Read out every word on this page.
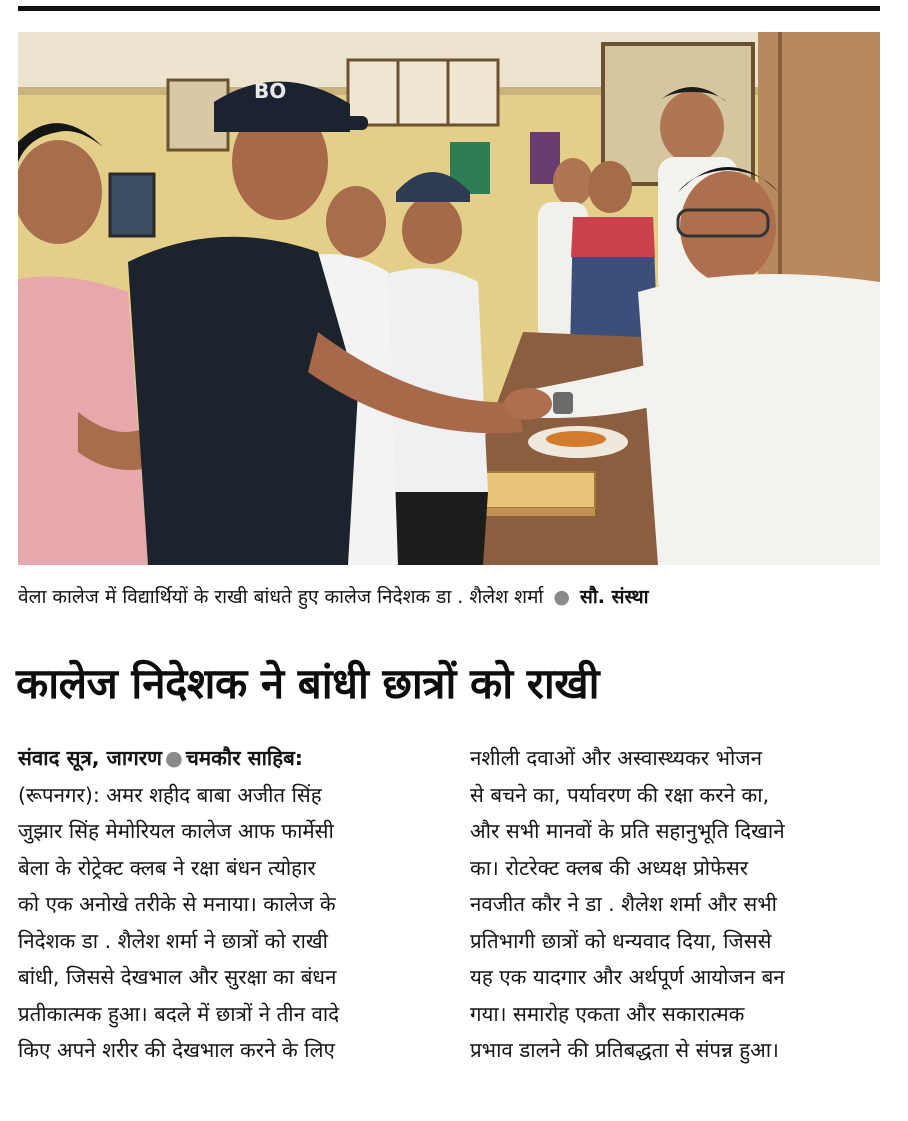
BO
वेला कालेज में विद्यार्थियों के राखी बांधते हुए कालेज निदेशक डा . शैलेश शर्मा ● सौ. संस्था
कालेज निदेशक ने बांधी छात्रों को राखी
संवाद सूत्र, जागरण ● चमकौर साहिब:
(रूपनगर): अमर शहीद बाबा अजीत सिंह
जुझार सिंह मेमोरियल कालेज आफ फार्मेसी
बेला के रोट्रेक्ट क्लब ने रक्षा बंधन त्योहार
को एक अनोखे तरीके से मनाया। कालेज के
निदेशक डा . शैलेश शर्मा ने छात्रों को राखी
बांधी, जिससे देखभाल और सुरक्षा का बंधन
प्रतीकात्मक हुआ। बदले में छात्रों ने तीन वादे
किए अपने शरीर की देखभाल करने के लिए
नशीली दवाओं और अस्वास्थ्यकर भोजन
से बचने का, पर्यावरण की रक्षा करने का,
और सभी मानवों के प्रति सहानुभूति दिखाने
का। रोटरेक्ट क्लब की अध्यक्ष प्रोफेसर
नवजीत कौर ने डा . शैलेश शर्मा और सभी
प्रतिभागी छात्रों को धन्यवाद दिया, जिससे
यह एक यादगार और अर्थपूर्ण आयोजन बन
गया। समारोह एकता और सकारात्मक
प्रभाव डालने की प्रतिबद्धता से संपन्न हुआ।
